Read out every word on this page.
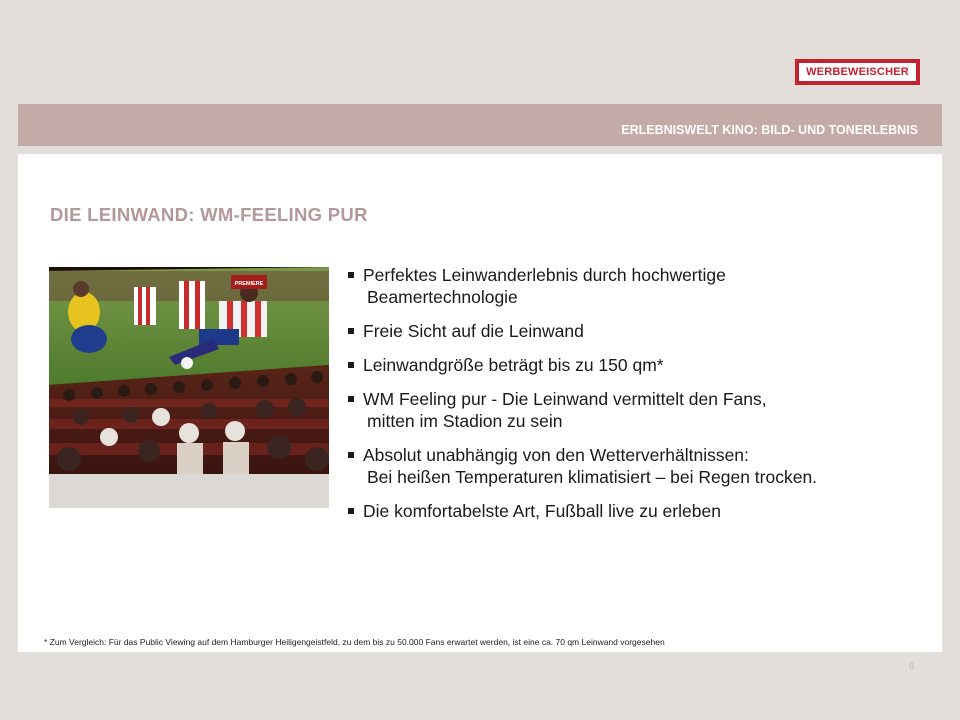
WERBEWEISCHER
ERLEBNISWELT KINO: BILD- UND TONERLEBNIS
DIE LEINWAND: WM-FEELING PUR
PREMIERE	Perfektes Leinwanderlebnis durch hochwertige
Beamertechnologie
Freie Sicht auf die Leinwand
Leinwandgröße beträgt bis zu 150 qm*
WM Feeling pur - Die Leinwand vermittelt den Fans,
mitten im Stadion zu sein
Absolut unabhängig von den Wetterverhältnissen:
Bei heißen Temperaturen klimatisiert – bei Regen trocken.
Die komfortabelste Art, Fußball live zu erleben
* Zum Vergleich: Für das Public Viewing auf dem Hamburger Heiligengeistfeld, zu dem bis zu 50.000 Fans erwartet werden, ist eine ca. 70 qm Leinwand vorgesehen
6
